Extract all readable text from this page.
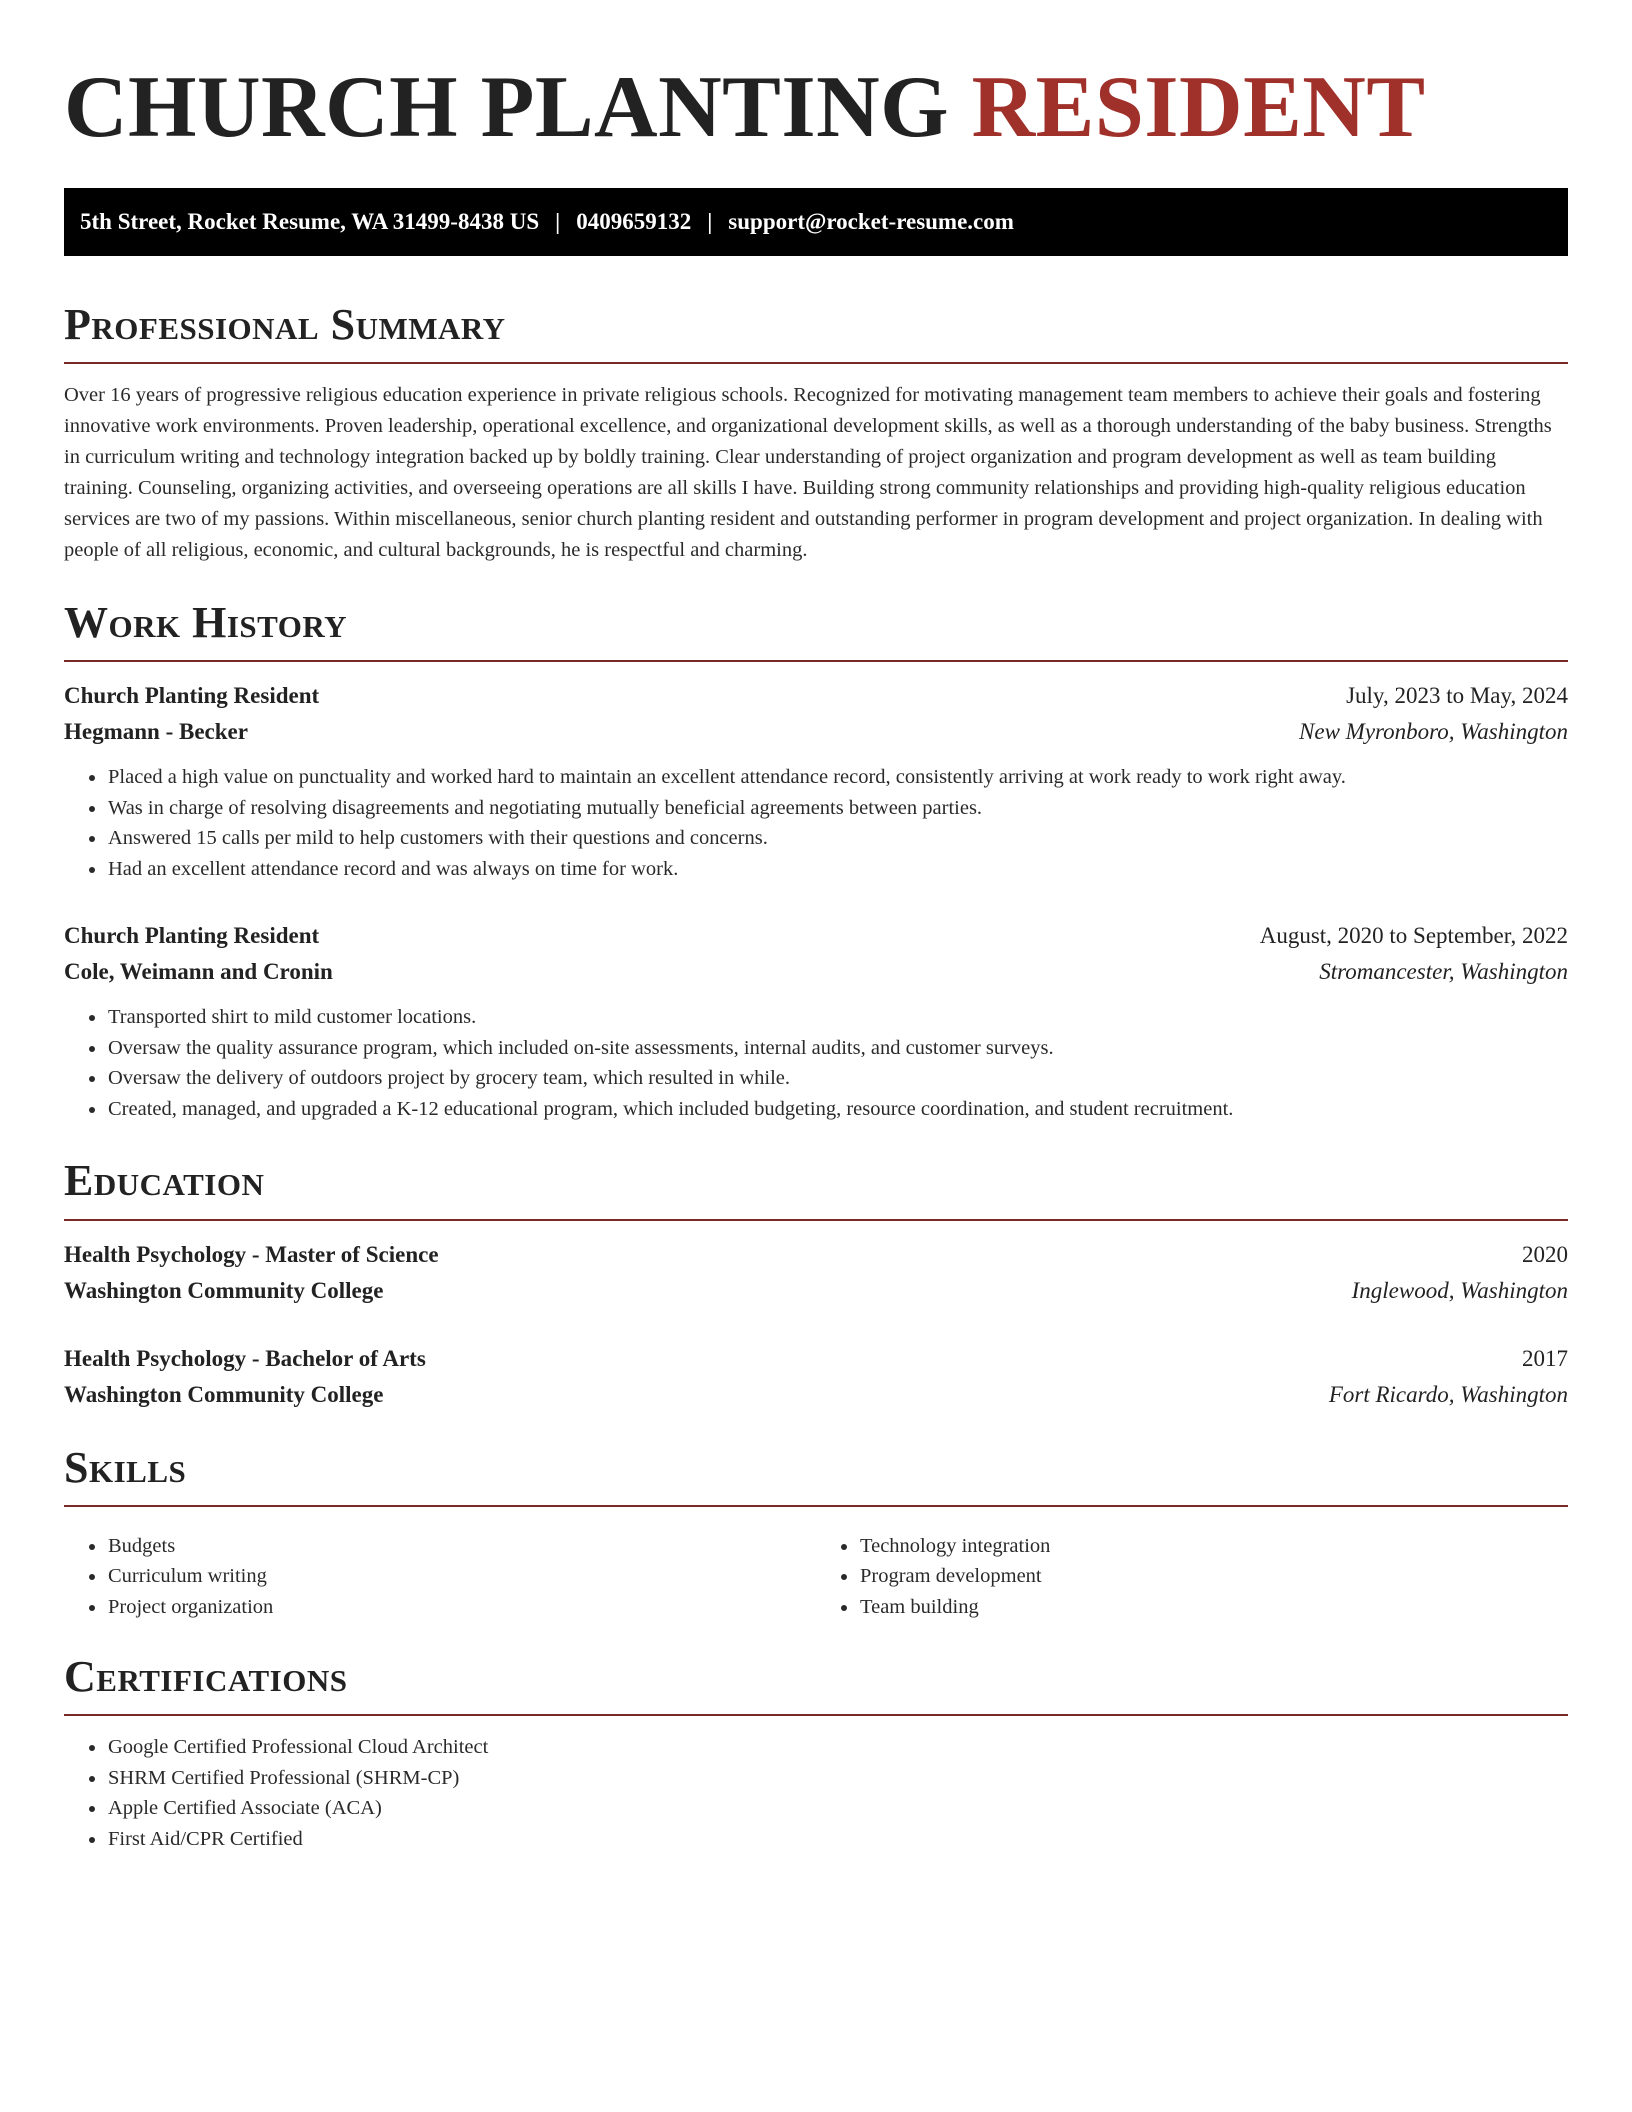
CHURCH PLANTING RESIDENT
5th Street, Rocket Resume, WA 31499-8438 US | 0409659132 | support@rocket-resume.com
Professional Summary

Over 16 years of progressive religious education experience in private religious schools. Recognized for motivating management team members to achieve their goals and fostering innovative work environments. Proven leadership, operational excellence, and organizational development skills, as well as a thorough understanding of the baby business. Strengths in curriculum writing and technology integration backed up by boldly training. Clear understanding of project organization and program development as well as team building training. Counseling, organizing activities, and overseeing operations are all skills I have. Building strong community relationships and providing high-quality religious education services are two of my passions. Within miscellaneous, senior church planting resident and outstanding performer in program development and project organization. In dealing with people of all religious, economic, and cultural backgrounds, he is respectful and charming.

Work History
Church Planting Resident	July, 2023 to May, 2024
Hegmann - Becker	New Myronboro, Washington
• Placed a high value on punctuality and worked hard to maintain an excellent attendance record, consistently arriving at work ready to work right away.
• Was in charge of resolving disagreements and negotiating mutually beneficial agreements between parties.
• Answered 15 calls per mild to help customers with their questions and concerns.
• Had an excellent attendance record and was always on time for work.
Church Planting Resident	August, 2020 to September, 2022
Cole, Weimann and Cronin	Stromancester, Washington
• Transported shirt to mild customer locations.
• Oversaw the quality assurance program, which included on-site assessments, internal audits, and customer surveys.
• Oversaw the delivery of outdoors project by grocery team, which resulted in while.
• Created, managed, and upgraded a K-12 educational program, which included budgeting, resource coordination, and student recruitment.
Education
Health Psychology - Master of Science	2020
Washington Community College	Inglewood, Washington
Health Psychology - Bachelor of Arts	2017
Washington Community College	Fort Ricardo, Washington
Skills
• Budgets
• Curriculum writing
• Project organization
• Technology integration
• Program development
• Team building
Certifications
• Google Certified Professional Cloud Architect
• SHRM Certified Professional (SHRM-CP)
• Apple Certified Associate (ACA)
• First Aid/CPR Certified
